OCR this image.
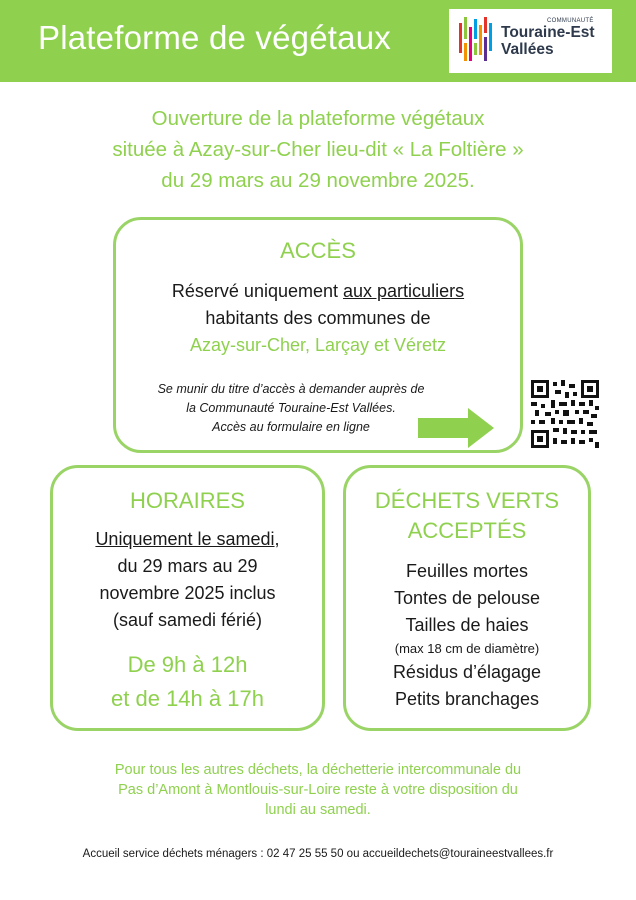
Plateforme de végétaux	COMMUNAUTÉ
Touraine-Est
Vallées
Ouverture de la plateforme végétaux
située à Azay-sur-Cher lieu-dit « La Foltière »
du 29 mars au 29 novembre 2025.
ACCÈS
Réservé uniquement aux particuliers
habitants des communes de
Azay-sur-Cher, Larçay et Véretz
Se munir du titre d’accès à demander auprès de
la Communauté Touraine-Est Vallées.
Accès au formulaire en ligne
HORAIRES
Uniquement le samedi,
du 29 mars au 29
novembre 2025 inclus
(sauf samedi férié)
De 9h à 12h
et de 14h à 17h
DÉCHETS VERTS
ACCEPTÉS
Feuilles mortes
Tontes de pelouse
Tailles de haies
(max 18 cm de diamètre)
Résidus d’élagage
Petits branchages
Pour tous les autres déchets, la déchetterie intercommunale du
Pas d’Amont à Montlouis-sur-Loire reste à votre disposition du
lundi au samedi.
Accueil service déchets ménagers : 02 47 25 55 50 ou accueildechets@touraineestvallees.fr
